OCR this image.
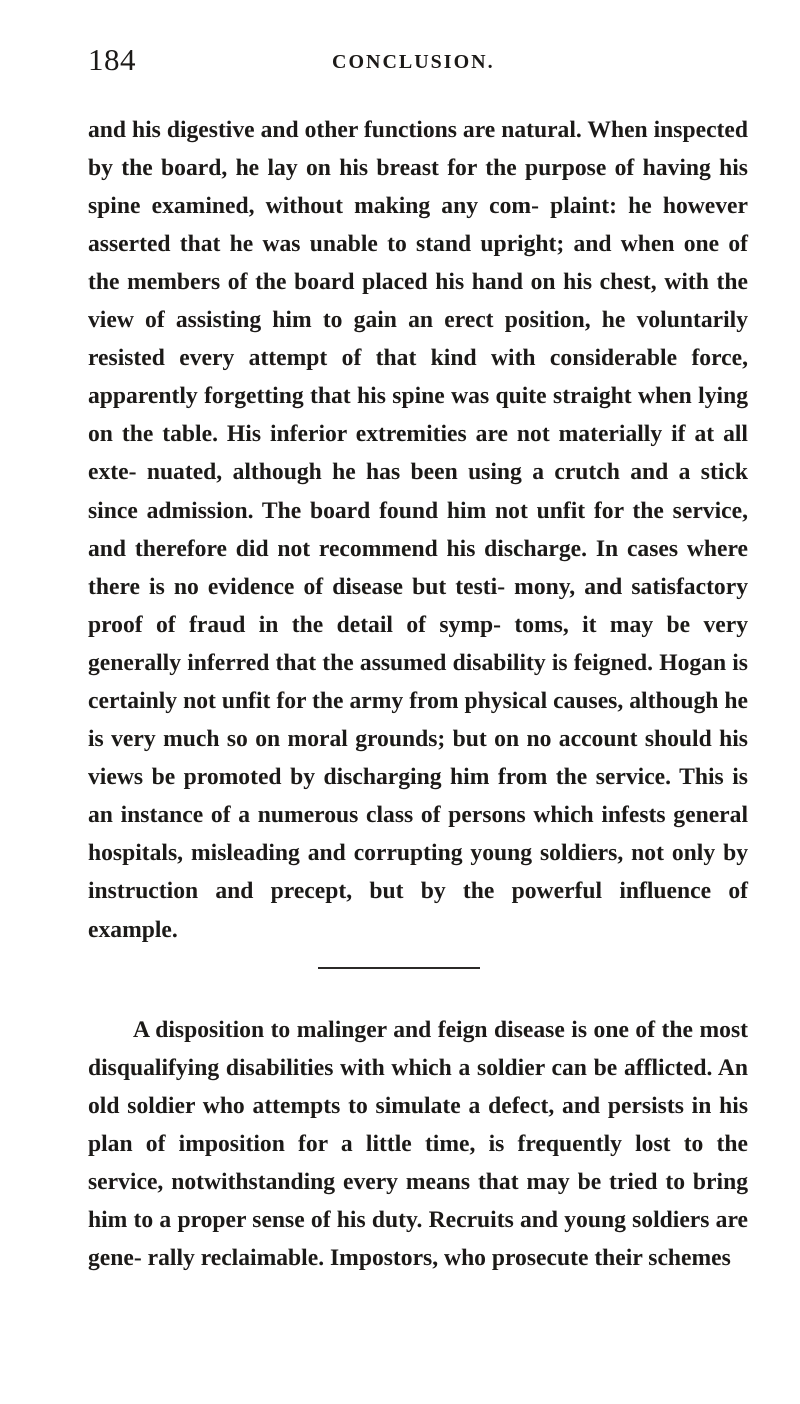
184	CONCLUSION.

and his digestive and other functions are natural. When inspected by the board, he lay on his breast for the purpose of having his spine examined, without making any com- plaint: he however asserted that he was unable to stand upright; and when one of the members of the board placed his hand on his chest, with the view of assisting him to gain an erect position, he voluntarily resisted every attempt of that kind with considerable force, apparently forgetting that his spine was quite straight when lying on the table. His inferior extremities are not materially if at all exte- nuated, although he has been using a crutch and a stick since admission. The board found him not unfit for the service, and therefore did not recommend his discharge. In cases where there is no evidence of disease but testi- mony, and satisfactory proof of fraud in the detail of symp- toms, it may be very generally inferred that the assumed disability is feigned. Hogan is certainly not unfit for the army from physical causes, although he is very much so on moral grounds; but on no account should his views be promoted by discharging him from the service. This is an instance of a numerous class of persons which infests general hospitals, misleading and corrupting young soldiers, not only by instruction and precept, but by the powerful influence of example.

A disposition to malinger and feign disease is one of the most disqualifying disabilities with which a soldier can be afflicted. An old soldier who attempts to simulate a defect, and persists in his plan of imposition for a little time, is frequently lost to the service, notwithstanding every means that may be tried to bring him to a proper sense of his duty. Recruits and young soldiers are gene- rally reclaimable. Impostors, who prosecute their schemes
